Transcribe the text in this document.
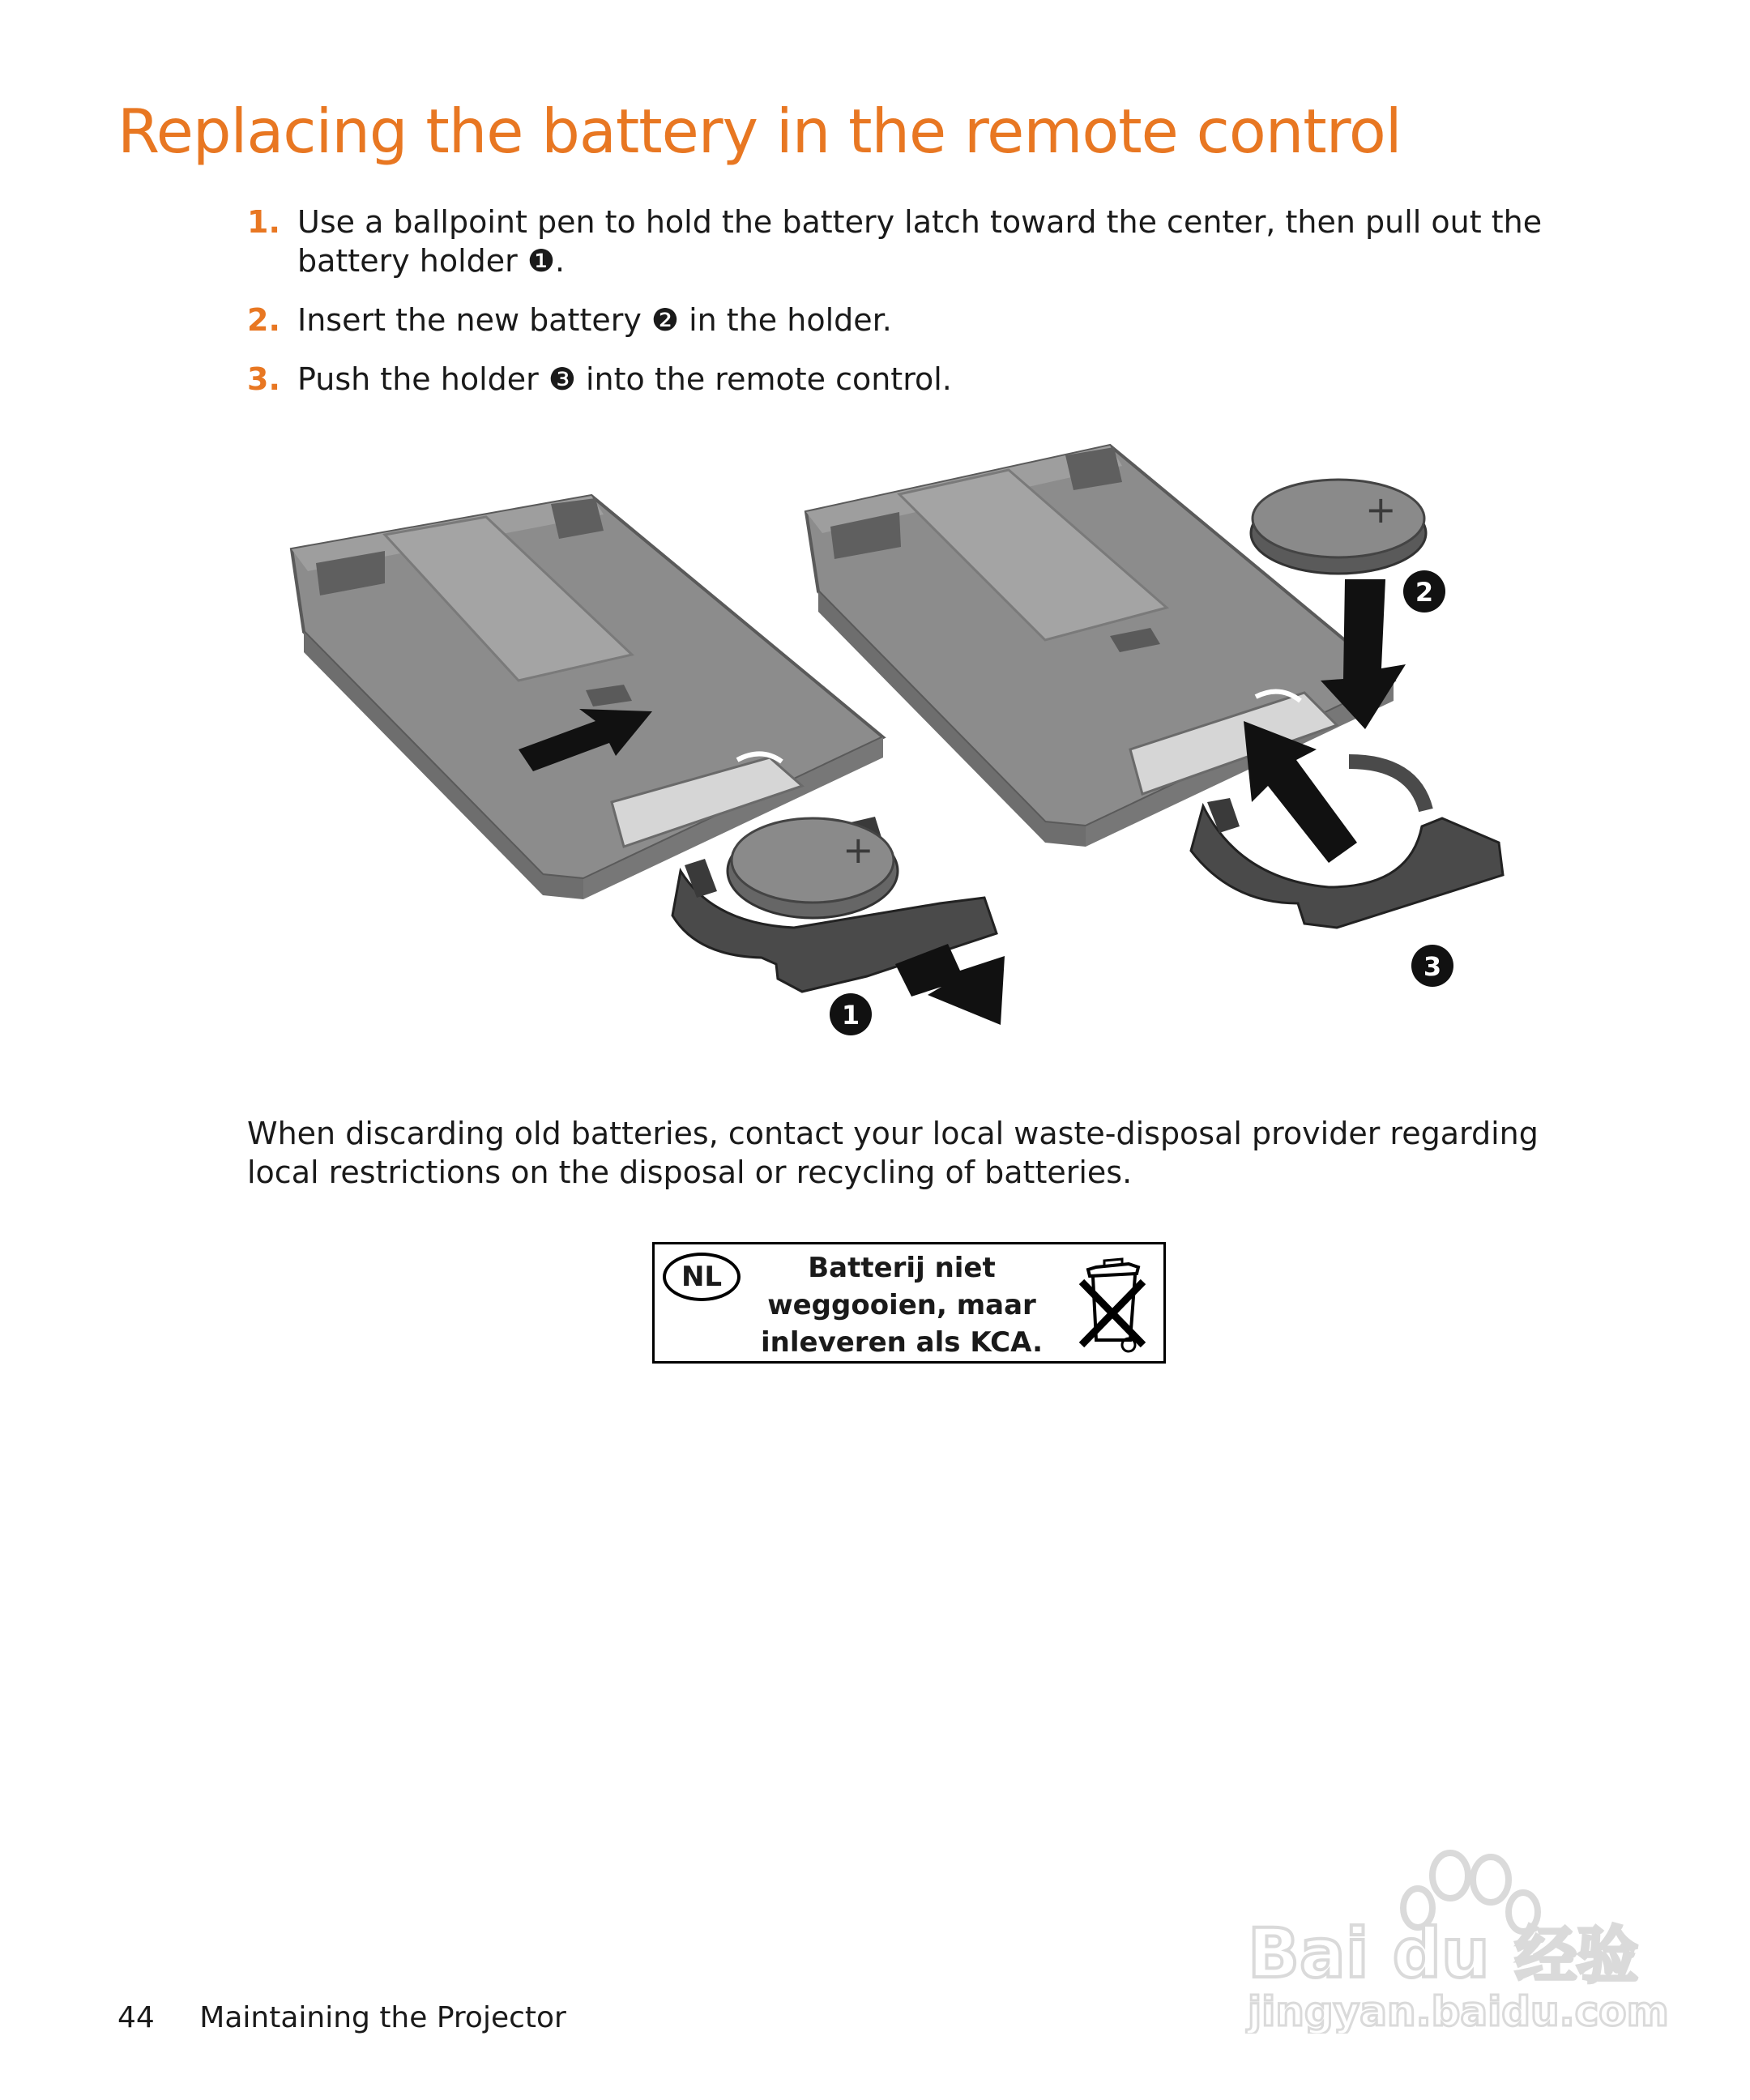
Replacing the battery in the remote control
1. Use a ballpoint pen to hold the battery latch toward the center, then pull out the battery holder ❶.
2. Insert the new battery ❷ in the holder.
3. Push the holder ❸ into the remote control.
+
+
1
2
3

When discarding old batteries, contact your local waste-disposal provider regarding local restrictions on the disposal or recycling of batteries.

NL	Batterij niet
weggooien, maar
inleveren als KCA.
44 Maintaining the Projector
Bai du 经验
jingyan.baidu.com
